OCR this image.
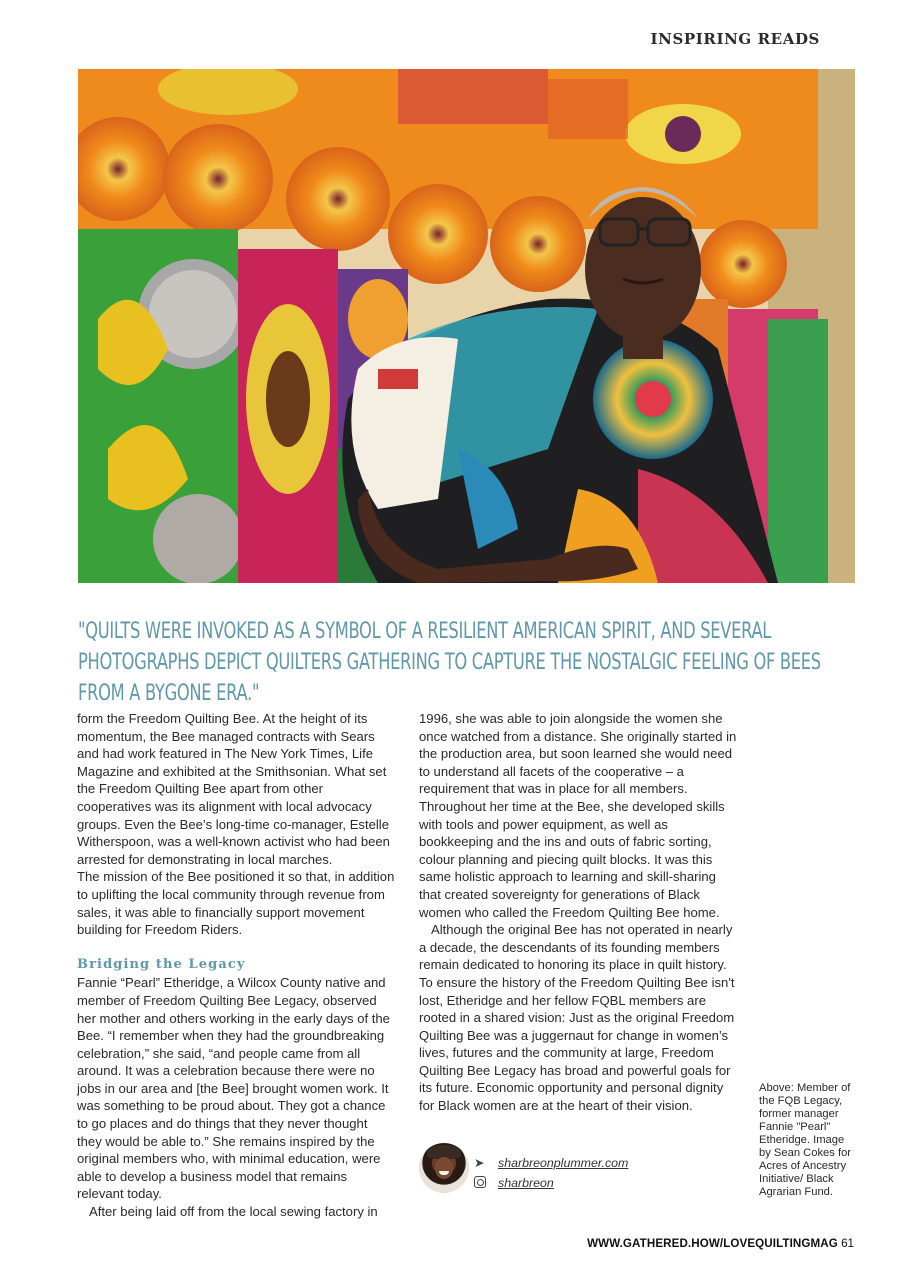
INSPIRING READS
"QUILTS WERE INVOKED AS A SYMBOL OF A RESILIENT AMERICAN SPIRIT, AND SEVERAL PHOTOGRAPHS DEPICT QUILTERS GATHERING TO CAPTURE THE NOSTALGIC FEELING OF BEES FROM A BYGONE ERA."

form the Freedom Quilting Bee. At the height of its momentum, the Bee managed contracts with Sears and had work featured in The New York Times, Life Magazine and exhibited at the Smithsonian. What set the Freedom Quilting Bee apart from other cooperatives was its alignment with local advocacy groups. Even the Bee’s long-time co-manager, Estelle Witherspoon, was a well-known activist who had been arrested for demonstrating in local marches.

The mission of the Bee positioned it so that, in addition to uplifting the local community through revenue from sales, it was able to financially support movement building for Freedom Riders.

Bridging the Legacy

Fannie “Pearl” Etheridge, a Wilcox County native and member of Freedom Quilting Bee Legacy, observed her mother and others working in the early days of the Bee. “I remember when they had the groundbreaking celebration,” she said, “and people came from all around. It was a celebration because there were no jobs in our area and [the Bee] brought women work. It was something to be proud about. They got a chance to go places and do things that they never thought they would be able to.” She remains inspired by the original members who, with minimal education, were able to develop a business model that remains relevant today.

After being laid off from the local sewing factory in

1996, she was able to join alongside the women she once watched from a distance. She originally started in the production area, but soon learned she would need to understand all facets of the cooperative – a requirement that was in place for all members. Throughout her time at the Bee, she developed skills with tools and power equipment, as well as bookkeeping and the ins and outs of fabric sorting, colour planning and piecing quilt blocks. It was this same holistic approach to learning and skill-sharing that created sovereignty for generations of Black women who called the Freedom Quilting Bee home.

Although the original Bee has not operated in nearly a decade, the descendants of its founding members remain dedicated to honoring its place in quilt history. To ensure the history of the Freedom Quilting Bee isn't lost, Etheridge and her fellow FQBL members are rooted in a shared vision: Just as the original Freedom Quilting Bee was a juggernaut for change in women’s lives, futures and the community at large, Freedom Quilting Bee Legacy has broad and powerful goals for its future. Economic opportunity and personal dignity for Black women are at the heart of their vision.

➤ sharbreonplummer.com
sharbreon
Above: Member of the FQB Legacy, former manager Fannie "Pearl" Etheridge. Image by Sean Cokes for Acres of Ancestry Initiative/ Black Agrarian Fund.
WWW.GATHERED.HOW/LOVEQUILTINGMAG 61
